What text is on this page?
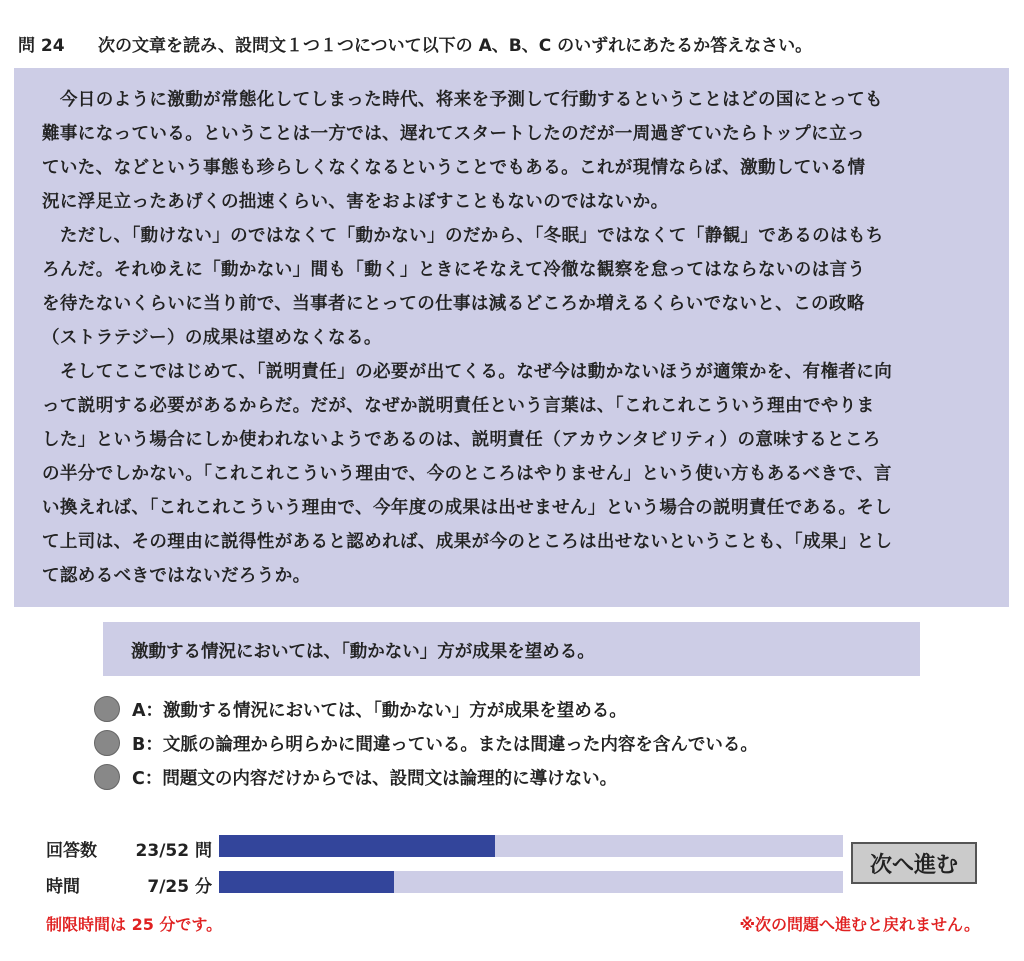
問 24 次の文章を読み、設問文１つ１つについて以下の A、B、C のいずれにあたるか答えなさい。
　今日のように激動が常態化してしまった時代、将来を予測して行動するということはどの国にとっても
難事になっている。ということは一方では、遅れてスタートしたのだが一周過ぎていたらトップに立っ
ていた、などという事態も珍らしくなくなるということでもある。これが現情ならば、激動している情
況に浮足立ったあげくの拙速くらい、害をおよぼすこともないのではないか。
　ただし、「動けない」のではなくて「動かない」のだから、「冬眠」ではなくて「静観」であるのはもち
ろんだ。それゆえに「動かない」間も「動く」ときにそなえて冷徹な観察を怠ってはならないのは言う
を待たないくらいに当り前で、当事者にとっての仕事は減るどころか増えるくらいでないと、この政略
（ストラテジー）の成果は望めなくなる。
　そしてここではじめて、「説明責任」の必要が出てくる。なぜ今は動かないほうが適策かを、有権者に向
って説明する必要があるからだ。だが、なぜか説明責任という言葉は、「これこれこういう理由でやりま
した」という場合にしか使われないようであるのは、説明責任（アカウンタビリティ）の意味するところ
の半分でしかない。「これこれこういう理由で、今のところはやりません」という使い方もあるべきで、言
い換えれば、「これこれこういう理由で、今年度の成果は出せません」という場合の説明責任である。そし
て上司は、その理由に説得性があると認めれば、成果が今のところは出せないということも、「成果」とし
て認めるべきではないだろうか。
激動する情況においては、「動かない」方が成果を望める。
A：激動する情況においては、「動かない」方が成果を望める。
B：文脈の論理から明らかに間違っている。または間違った内容を含んでいる。
C：問題文の内容だけからでは、設問文は論理的に導けない。
回答数	23/52 問
時間	7/25 分
次へ進む
制限時間は 25 分です。	※次の問題へ進むと戻れません。
